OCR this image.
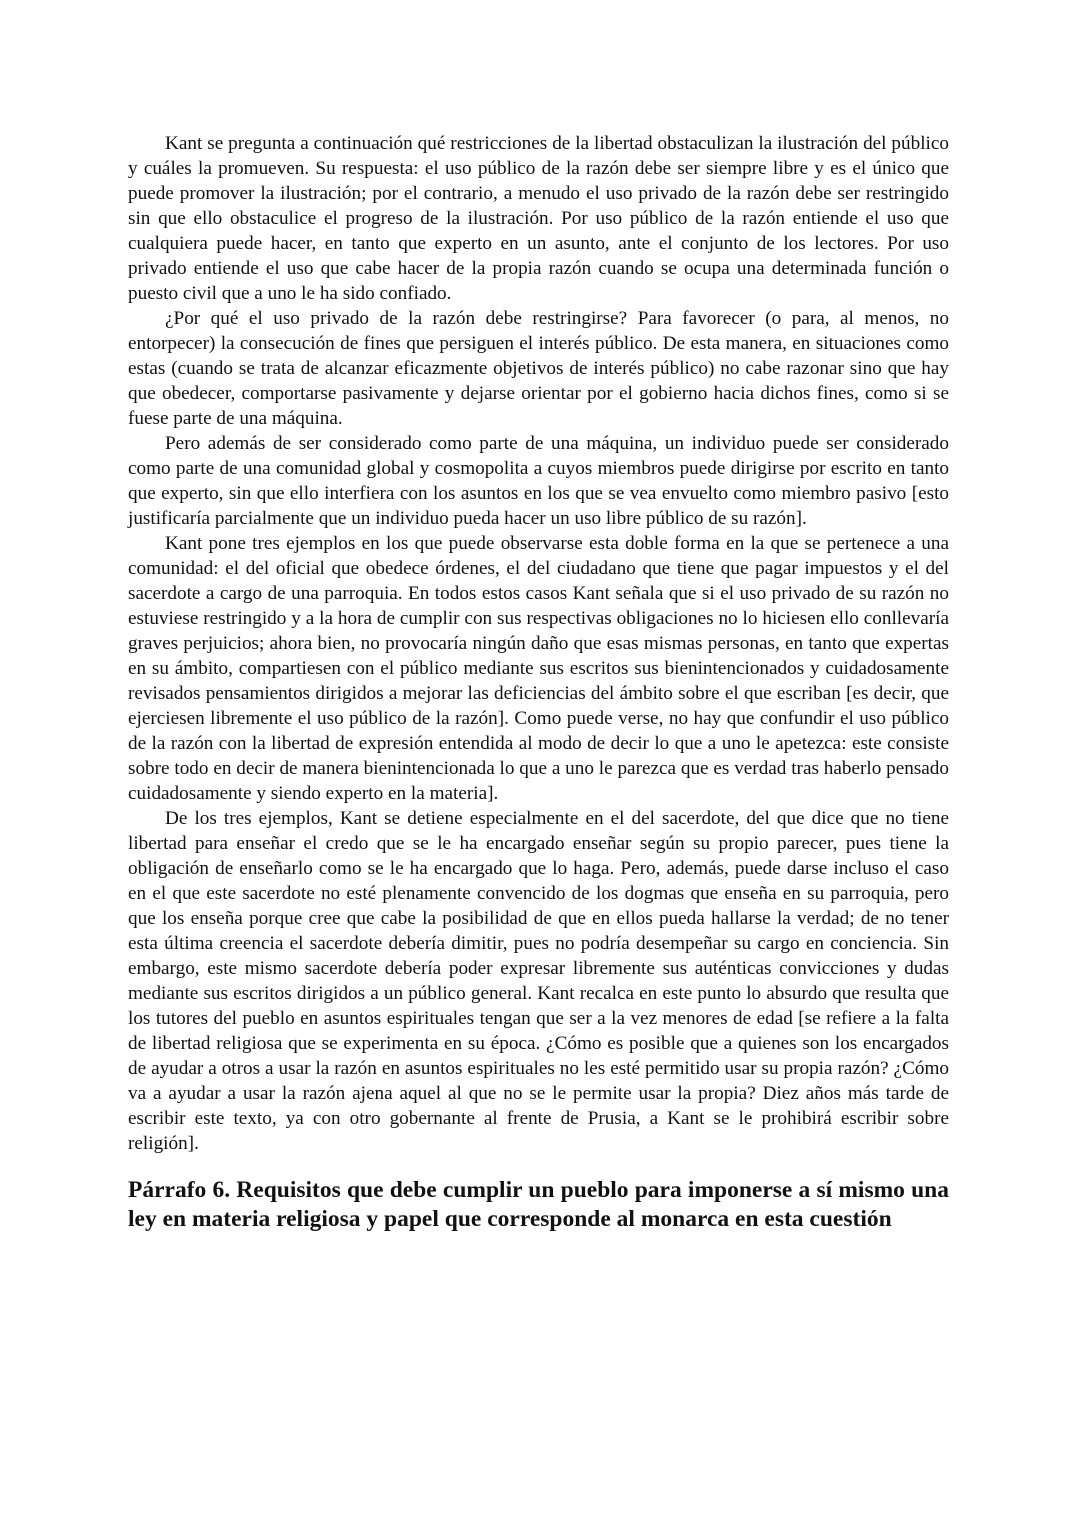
Kant se pregunta a continuación qué restricciones de la libertad obstaculizan la ilustración del público y cuáles la promueven. Su respuesta: el uso público de la razón debe ser siempre libre y es el único que puede promover la ilustración; por el contrario, a menudo el uso privado de la razón debe ser restringido sin que ello obstaculice el progreso de la ilustración. Por uso público de la razón entiende el uso que cualquiera puede hacer, en tanto que experto en un asunto, ante el conjunto de los lectores. Por uso privado entiende el uso que cabe hacer de la propia razón cuando se ocupa una determinada función o puesto civil que a uno le ha sido confiado.

¿Por qué el uso privado de la razón debe restringirse? Para favorecer (o para, al menos, no entorpecer) la consecución de fines que persiguen el interés público. De esta manera, en situaciones como estas (cuando se trata de alcanzar eficazmente objetivos de interés público) no cabe razonar sino que hay que obedecer, comportarse pasivamente y dejarse orientar por el gobierno hacia dichos fines, como si se fuese parte de una máquina.

Pero además de ser considerado como parte de una máquina, un individuo puede ser considerado como parte de una comunidad global y cosmopolita a cuyos miembros puede dirigirse por escrito en tanto que experto, sin que ello interfiera con los asuntos en los que se vea envuelto como miembro pasivo [esto justificaría parcialmente que un individuo pueda hacer un uso libre público de su razón].

Kant pone tres ejemplos en los que puede observarse esta doble forma en la que se pertenece a una comunidad: el del oficial que obedece órdenes, el del ciudadano que tiene que pagar impuestos y el del sacerdote a cargo de una parroquia. En todos estos casos Kant señala que si el uso privado de su razón no estuviese restringido y a la hora de cumplir con sus respectivas obligaciones no lo hiciesen ello conllevaría graves perjuicios; ahora bien, no provocaría ningún daño que esas mismas personas, en tanto que expertas en su ámbito, compartiesen con el público mediante sus escritos sus bienintencionados y cuidadosamente revisados pensamientos dirigidos a mejorar las deficiencias del ámbito sobre el que escriban [es decir, que ejerciesen libremente el uso público de la razón]. Como puede verse, no hay que confundir el uso público de la razón con la libertad de expresión entendida al modo de decir lo que a uno le apetezca: este consiste sobre todo en decir de manera bienintencionada lo que a uno le parezca que es verdad tras haberlo pensado cuidadosamente y siendo experto en la materia].

De los tres ejemplos, Kant se detiene especialmente en el del sacerdote, del que dice que no tiene libertad para enseñar el credo que se le ha encargado enseñar según su propio parecer, pues tiene la obligación de enseñarlo como se le ha encargado que lo haga. Pero, además, puede darse incluso el caso en el que este sacerdote no esté plenamente convencido de los dogmas que enseña en su parroquia, pero que los enseña porque cree que cabe la posibilidad de que en ellos pueda hallarse la verdad; de no tener esta última creencia el sacerdote debería dimitir, pues no podría desempeñar su cargo en conciencia. Sin embargo, este mismo sacerdote debería poder expresar libremente sus auténticas convicciones y dudas mediante sus escritos dirigidos a un público general. Kant recalca en este punto lo absurdo que resulta que los tutores del pueblo en asuntos espirituales tengan que ser a la vez menores de edad [se refiere a la falta de libertad religiosa que se experimenta en su época. ¿Cómo es posible que a quienes son los encargados de ayudar a otros a usar la razón en asuntos espirituales no les esté permitido usar su propia razón? ¿Cómo va a ayudar a usar la razón ajena aquel al que no se le permite usar la propia? Diez años más tarde de escribir este texto, ya con otro gobernante al frente de Prusia, a Kant se le prohibirá escribir sobre religión].

Párrafo 6. Requisitos que debe cumplir un pueblo para imponerse a sí mismo una ley en materia religiosa y papel que corresponde al monarca en esta cuestión
